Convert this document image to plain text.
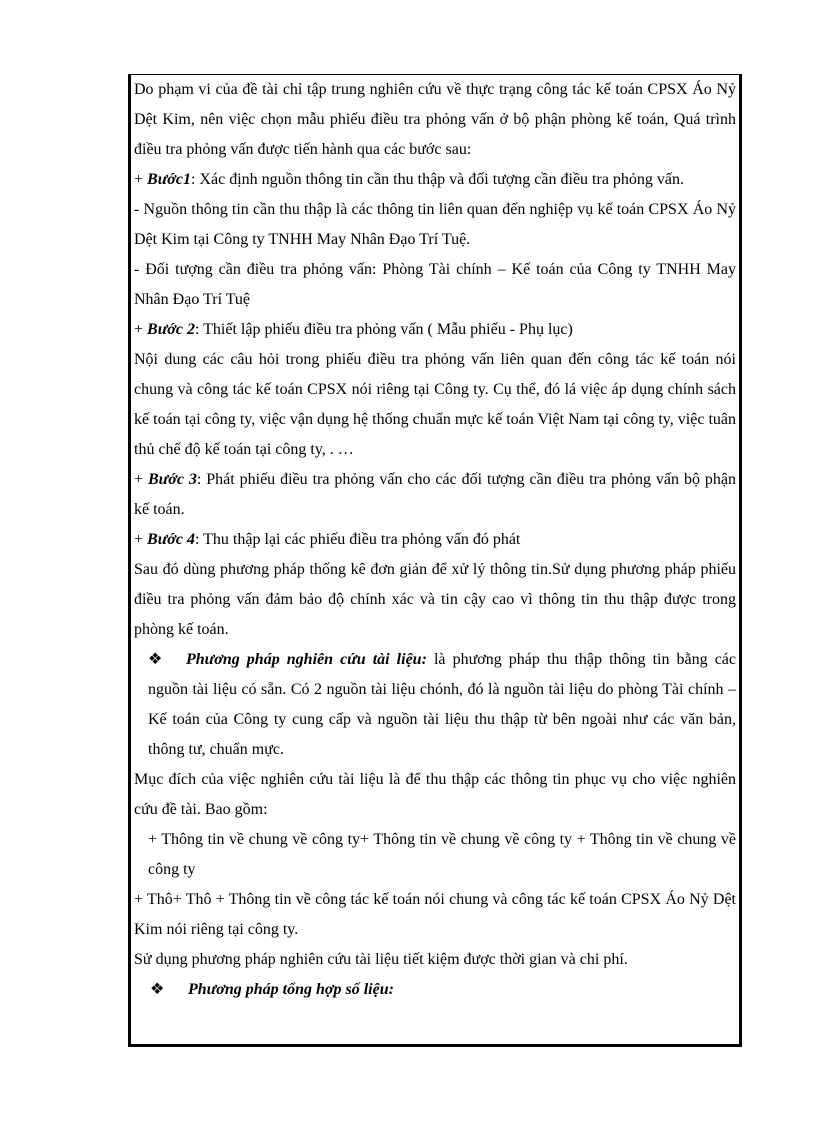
Do phạm vi của đề tài chỉ tập trung nghiên cứu về thực trạng công tác kế toán CPSX Áo Nỷ Dệt Kim, nên việc chọn mẫu phiếu điều tra phỏng vấn ở bộ phận phòng kế toán, Quá trình điều tra phỏng vấn được tiến hành qua các bước sau:

+ Bước1: Xác định nguồn thông tin cần thu thập và đối tượng cần điều tra phỏng vấn.

- Nguồn thông tin cần thu thập là các thông tin liên quan đến nghiệp vụ kế toán CPSX Áo Nỷ Dệt Kim tại Công ty TNHH May Nhân Đạo Trí Tuệ.

- Đối tượng cần điều tra phỏng vấn: Phòng Tài chính – Kế toán của Công ty TNHH May Nhân Đạo Trí Tuệ

+ Bước 2: Thiết lập phiếu điều tra phỏng vấn ( Mẫu phiếu - Phụ lục)

Nội dung các câu hỏi trong phiếu điều tra phỏng vấn liên quan đến công tác kế toán nói chung và công tác kế toán CPSX nói riêng tại Công ty. Cụ thể, đó lá việc áp dụng chính sách kế toán tại công ty, việc vận dụng hệ thống chuẩn mực kế toán Việt Nam tại công ty, việc tuân thủ chế độ kế toán tại công ty, . …

+ Bước 3: Phát phiếu điều tra phỏng vấn cho các đối tượng cần điều tra phỏng vấn bộ phận kế toán.

+ Bước 4: Thu thập lại các phiếu điều tra phỏng vấn đó phát

Sau đó dùng phương pháp thống kê đơn giản để xử lý thông tin.Sử dụng phương pháp phiếu điều tra phỏng vấn đảm bảo độ chính xác và tin cậy cao vì thông tin thu thập được trong phòng kế toán.

❖ Phương pháp nghiên cứu tài liệu: là phương pháp thu thập thông tin bằng các nguồn tài liệu có sẵn. Có 2 nguồn tài liệu chónh, đó là nguồn tài liệu do phòng Tài chính – Kế toán của Công ty cung cấp và nguồn tài liệu thu thập từ bên ngoài như các văn bản, thông tư, chuẩn mực.

Mục đích của việc nghiên cứu tài liệu là để thu thập các thông tin phục vụ cho việc nghiên cứu đề tài. Bao gồm:

+ Thông tin về chung về công ty+ Thông tin về chung về công ty + Thông tin về chung về công ty

+ Thô+ Thô + Thông tin về công tác kế toán nói chung và công tác kế toán CPSX Áo Nỷ Dệt Kim nói riêng tại công ty.

Sử dụng phương pháp nghiên cứu tài liệu tiết kiệm được thời gian và chi phí.

❖ Phương pháp tổng hợp số liệu:
